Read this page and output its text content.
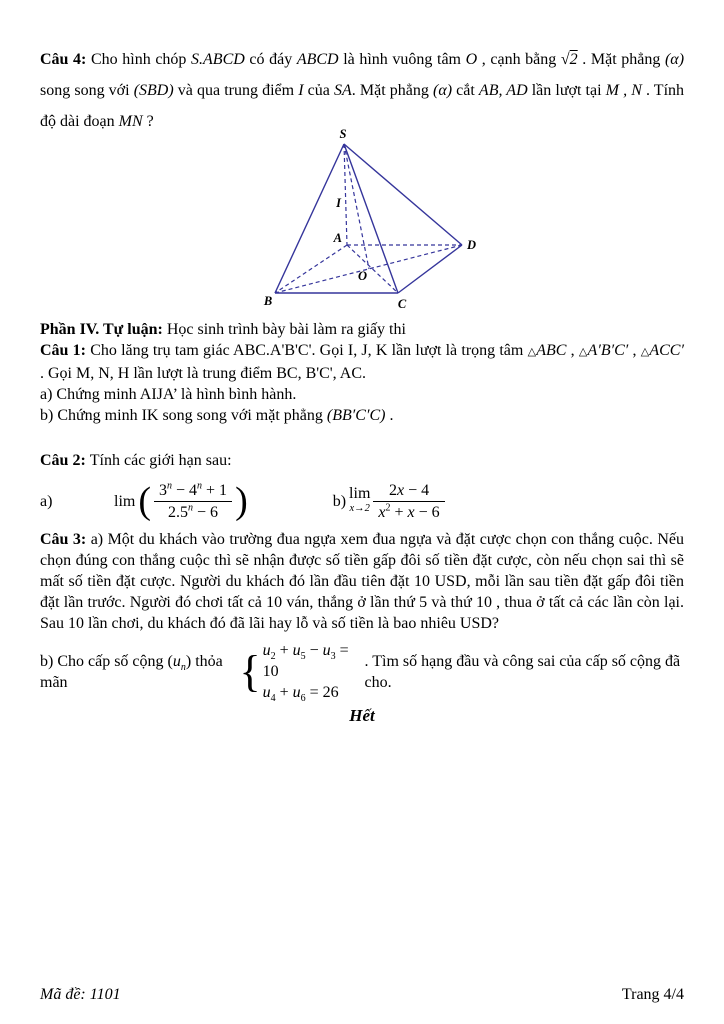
Câu 4: Cho hình chóp S.ABCD có đáy ABCD là hình vuông tâm O , cạnh bằng √2 . Mặt phẳng (α) song song với (SBD) và qua trung điểm I của SA. Mặt phẳng (α) cắt AB, AD lần lượt tại M , N . Tính độ dài đoạn MN ?

S
I
A
B	C
D
O

Phần IV. Tự luận: Học sinh trình bày bài làm ra giấy thi

Câu 1: Cho lăng trụ tam giác ABC.A'B'C'. Gọi I, J, K lần lượt là trọng tâm △ABC , △A′B′C′ , △ACC′ . Gọi M, N, H lần lượt là trung điểm BC, B'C', AC.

a) Chứng minh AIJA’ là hình bình hành.

b) Chứng minh IK song song với mặt phẳng (BB′C′C) .

Câu 2: Tính các giới hạn sau:

a)	lim ( $\frac{3^n - 4^n + 1}{2.5^n - 6}$ )	b) lim
$x\to 2 \frac{2x - 4}{x^2 + x - 6}$

Câu 3: a) Một du khách vào trường đua ngựa xem đua ngựa và đặt cược chọn con thắng cuộc. Nếu chọn đúng con thắng cuộc thì sẽ nhận được số tiền gấp đôi số tiền đặt cược, còn nếu chọn sai thì sẽ mất số tiền đặt cược. Người du khách đó lần đầu tiên đặt 10 USD, mỗi lần sau tiền đặt gấp đôi tiền đặt lần trước. Người đó chơi tất cả 10 ván, thắng ở lần thứ 5 và thứ 10 , thua ở tất cả các lần còn lại. Sau 10 lần chơi, du khách đó đã lãi hay lỗ và số tiền là bao nhiêu USD?

b) Cho cấp số cộng $(u_n)$ thỏa mãn	{ $u_2 + u_5 - u_3 = 10$
$u_4 + u_6 = 26$
. Tìm số hạng đầu và công sai của cấp số cộng đã cho.

Hết

Mã đề: 1101	Trang 4/4
